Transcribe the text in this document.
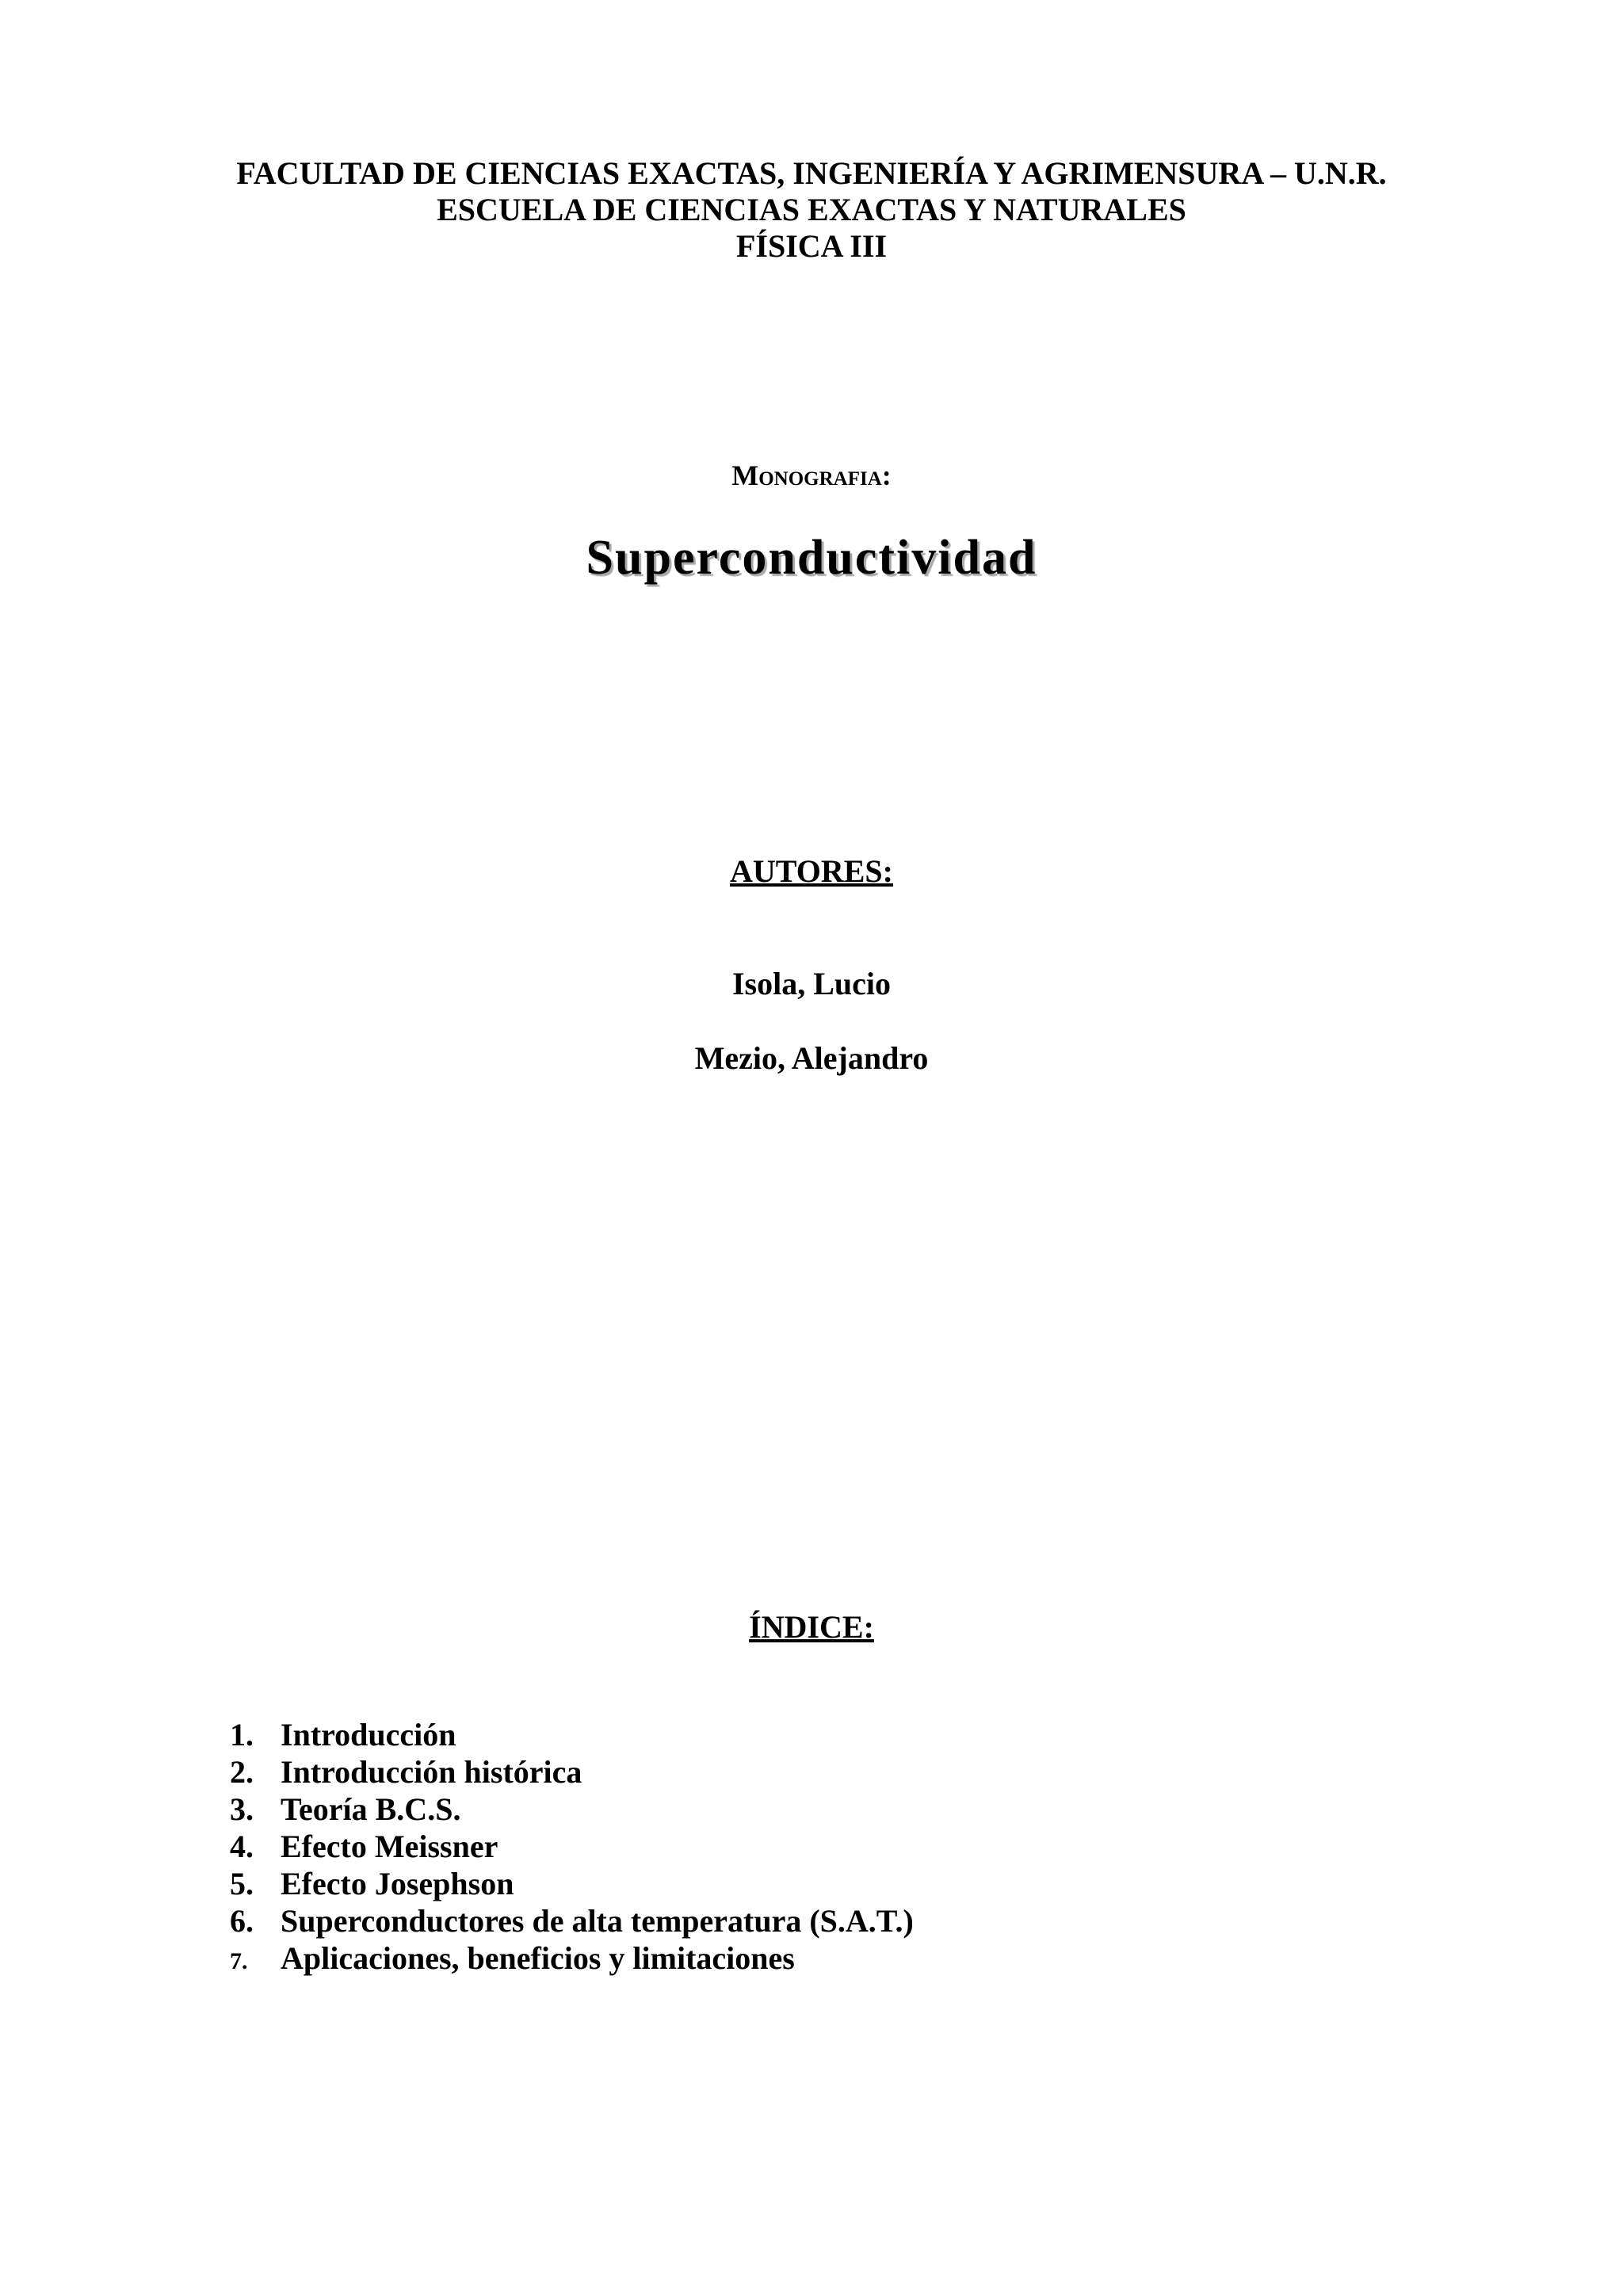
FACULTAD DE CIENCIAS EXACTAS, INGENIERÍA Y AGRIMENSURA – U.N.R.
ESCUELA DE CIENCIAS EXACTAS Y NATURALES
FÍSICA III
Monografia:
Superconductividad
AUTORES:
Isola, Lucio
Mezio, Alejandro
ÍNDICE:
1. Introducción
2. Introducción histórica
3. Teoría B.C.S.
4. Efecto Meissner
5. Efecto Josephson
6. Superconductores de alta temperatura (S.A.T.)
7.	Aplicaciones, beneficios y limitaciones
